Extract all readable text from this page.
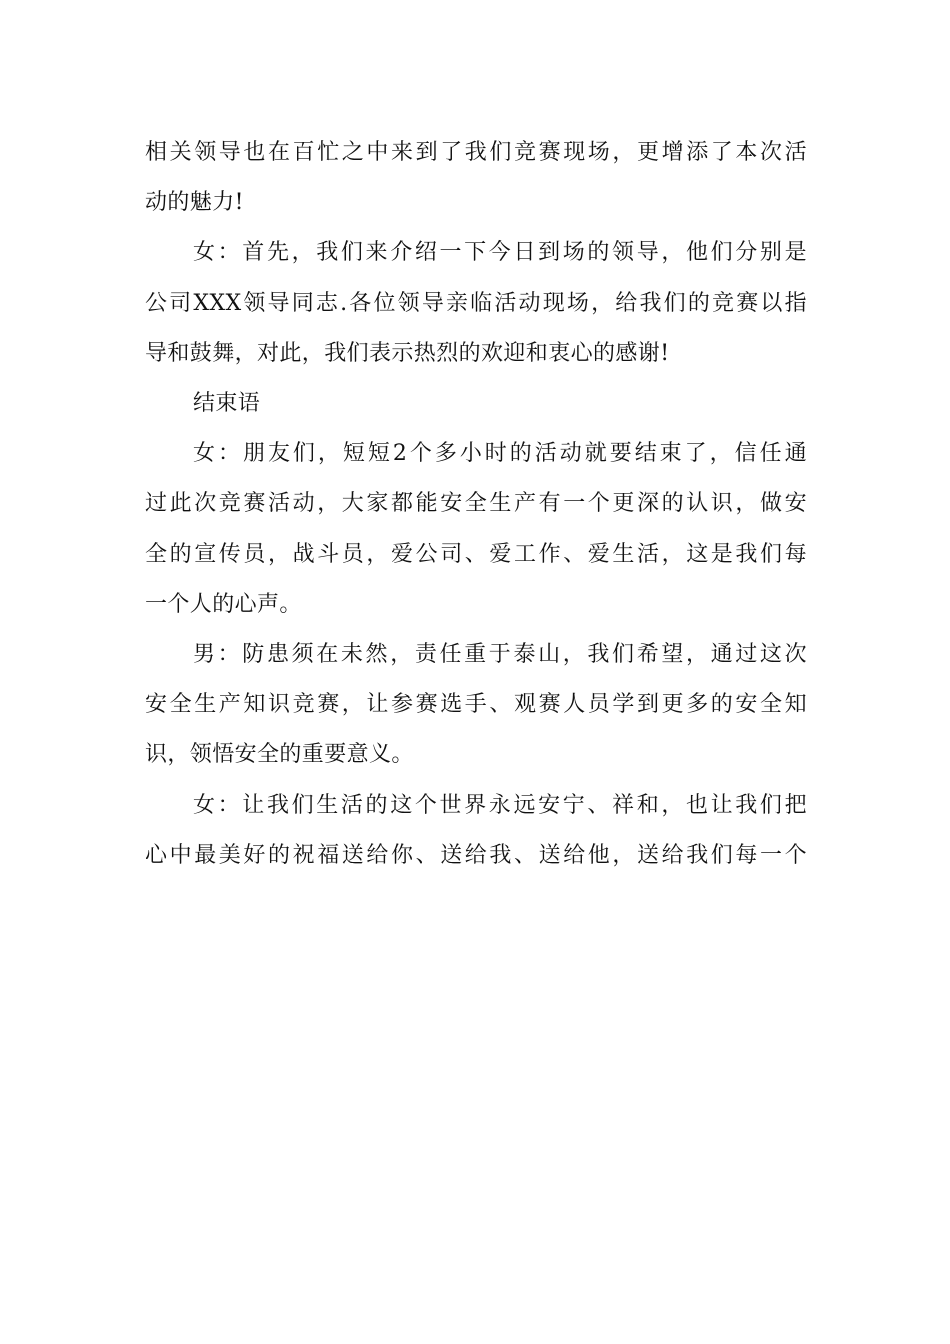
相关领导也在百忙之中来到了我们竞赛现场，更增添了本次活
动的魅力!

女：首先，我们来介绍一下今日到场的领导，他们分别是
公司XXX领导同志.各位领导亲临活动现场，给我们的竞赛以指
导和鼓舞，对此，我们表示热烈的欢迎和衷心的感谢!

结束语

女：朋友们，短短2个多小时的活动就要结束了，信任通
过此次竞赛活动，大家都能安全生产有一个更深的认识，做安
全的宣传员，战斗员，爱公司、爱工作、爱生活，这是我们每
一个人的心声。

男：防患须在未然，责任重于泰山，我们希望，通过这次
安全生产知识竞赛，让参赛选手、观赛人员学到更多的安全知
识，领悟安全的重要意义。

女：让我们生活的这个世界永远安宁、祥和，也让我们把
心中最美好的祝福送给你、送给我、送给他，送给我们每一个
